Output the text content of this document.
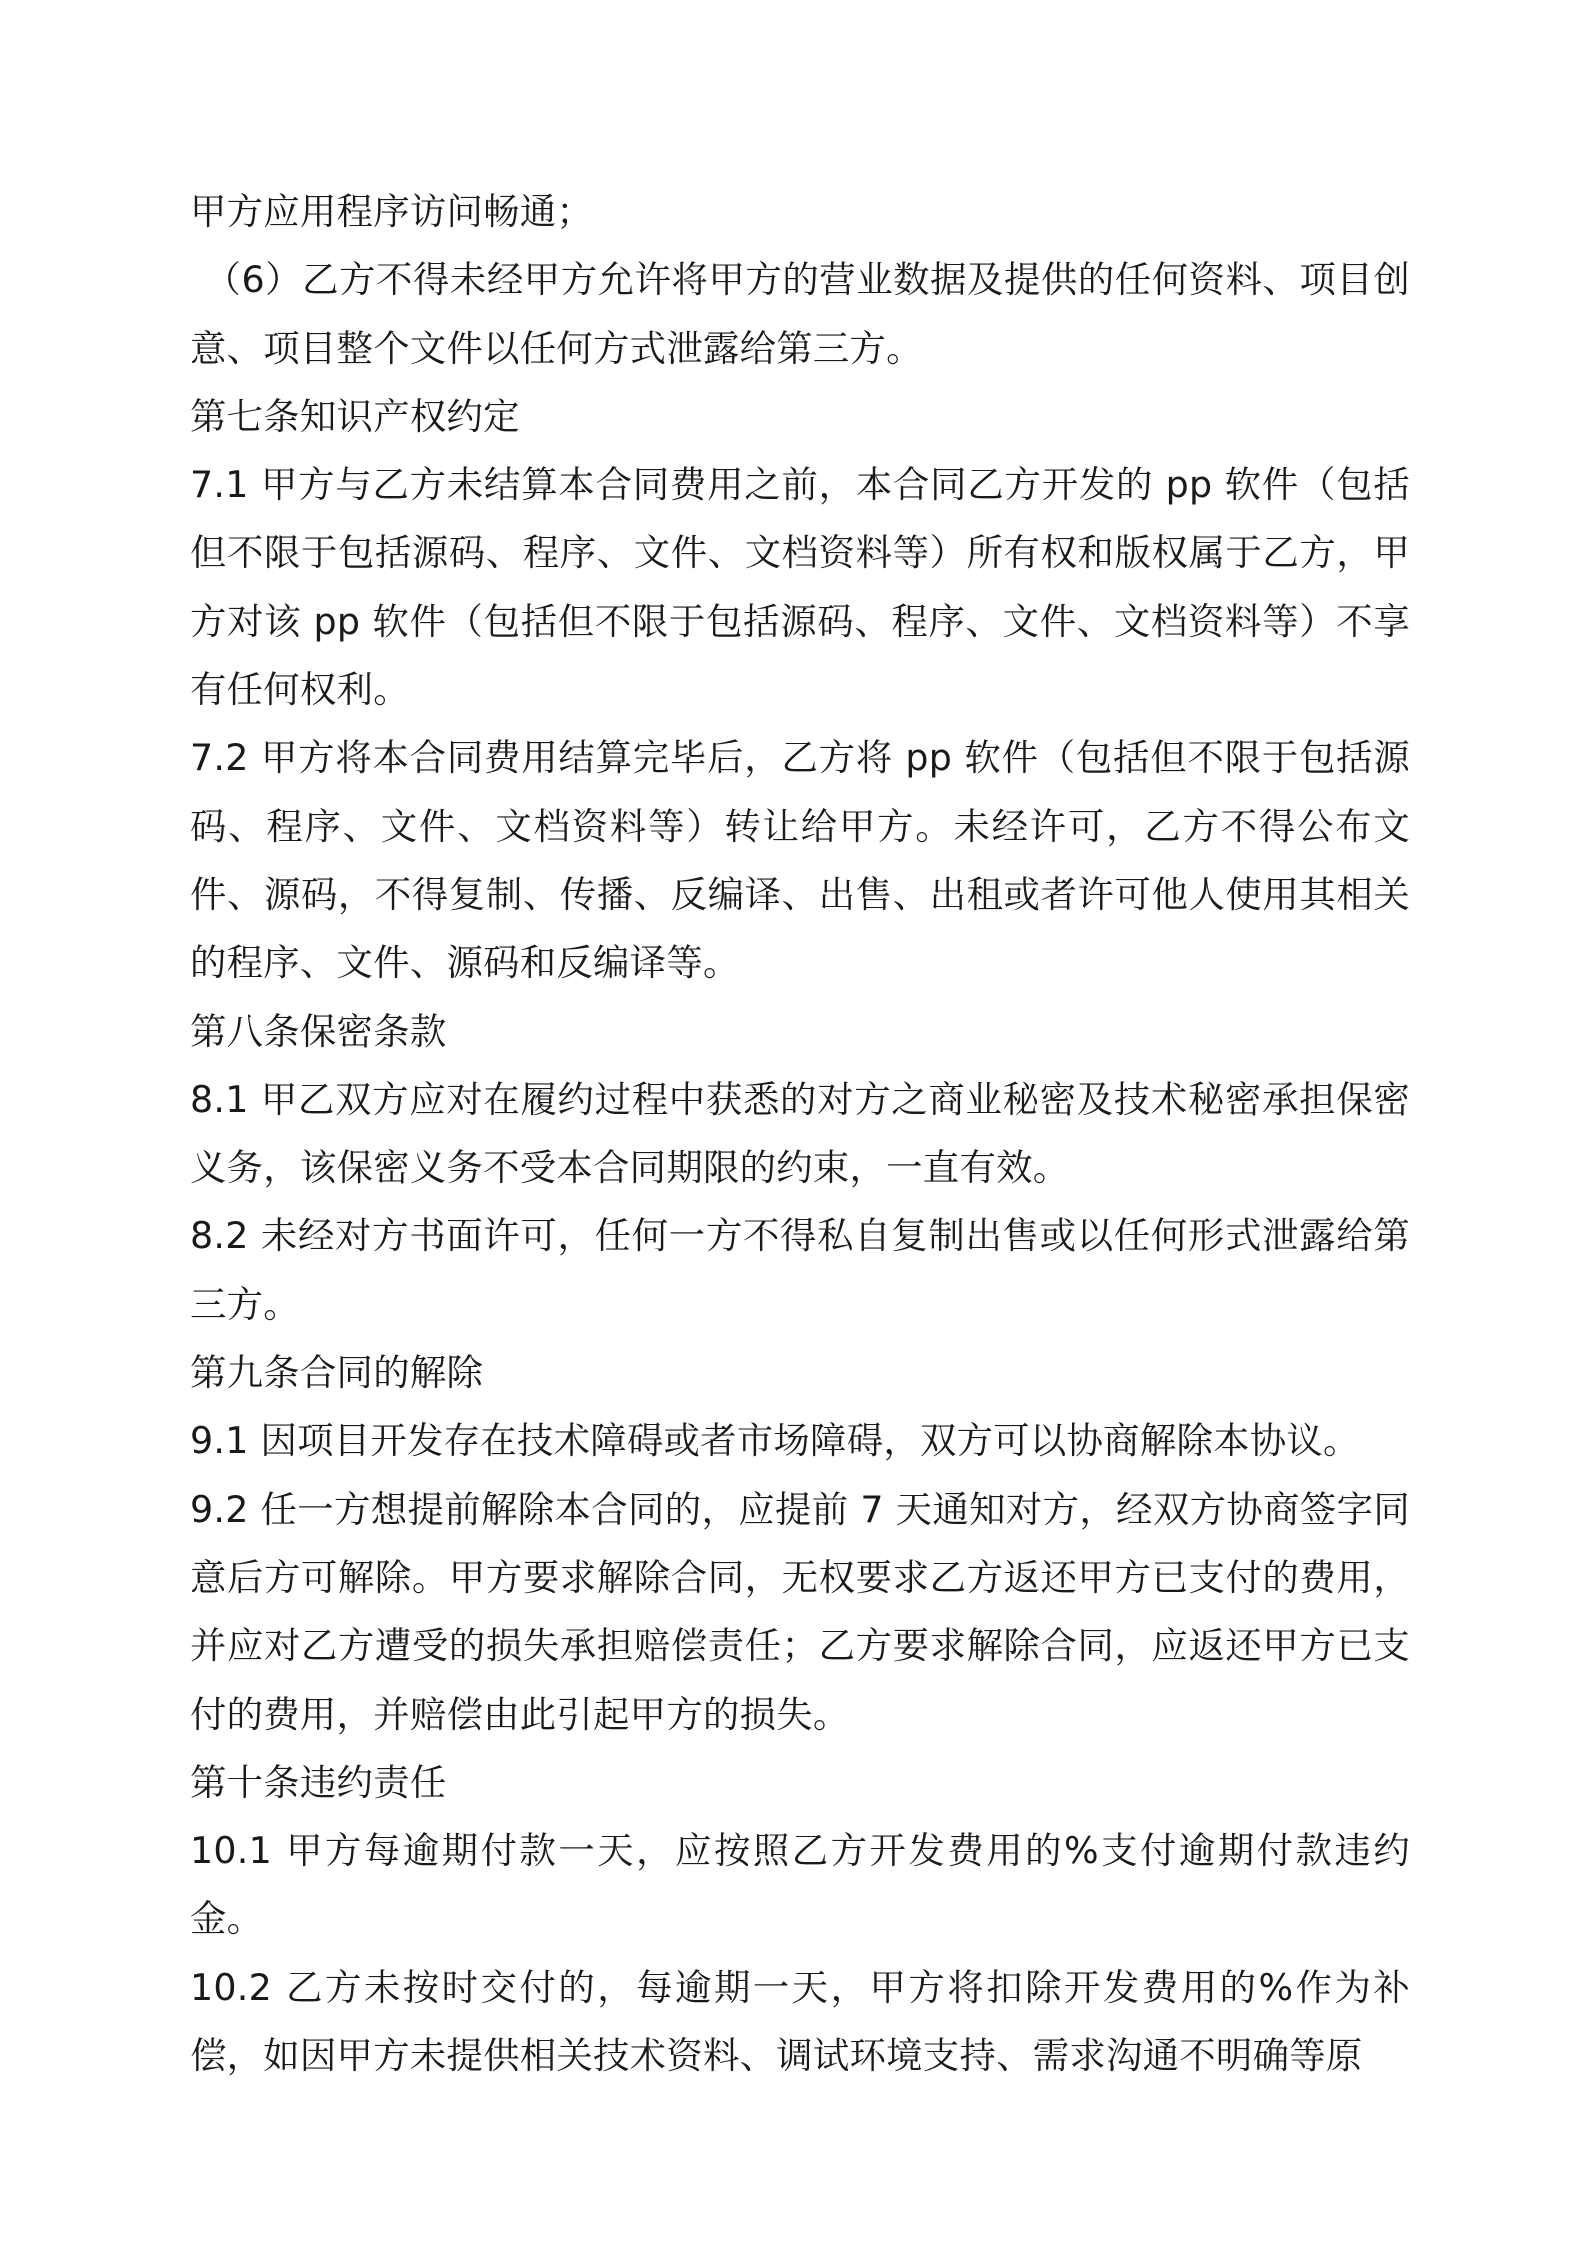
甲方应用程序访问畅通；

（6）乙方不得未经甲方允许将甲方的营业数据及提供的任何资料、项目创意、项目整个文件以任何方式泄露给第三方。

第七条知识产权约定

7.1 甲方与乙方未结算本合同费用之前，本合同乙方开发的 pp 软件（包括但不限于包括源码、程序、文件、文档资料等）所有权和版权属于乙方，甲方对该 pp 软件（包括但不限于包括源码、程序、文件、文档资料等）不享有任何权利。

7.2 甲方将本合同费用结算完毕后，乙方将 pp 软件（包括但不限于包括源码、程序、文件、文档资料等）转让给甲方。未经许可，乙方不得公布文件、源码，不得复制、传播、反编译、出售、出租或者许可他人使用其相关的程序、文件、源码和反编译等。

第八条保密条款

8.1 甲乙双方应对在履约过程中获悉的对方之商业秘密及技术秘密承担保密义务，该保密义务不受本合同期限的约束，一直有效。

8.2 未经对方书面许可，任何一方不得私自复制出售或以任何形式泄露给第三方。

第九条合同的解除

9.1 因项目开发存在技术障碍或者市场障碍，双方可以协商解除本协议。

9.2 任一方想提前解除本合同的，应提前 7 天通知对方，经双方协商签字同意后方可解除。甲方要求解除合同，无权要求乙方返还甲方已支付的费用，并应对乙方遭受的损失承担赔偿责任；乙方要求解除合同，应返还甲方已支付的费用，并赔偿由此引起甲方的损失。

第十条违约责任

10.1 甲方每逾期付款一天，应按照乙方开发费用的%支付逾期付款违约金。

10.2 乙方未按时交付的，每逾期一天，甲方将扣除开发费用的%作为补偿，如因甲方未提供相关技术资料、调试环境支持、需求沟通不明确等原
